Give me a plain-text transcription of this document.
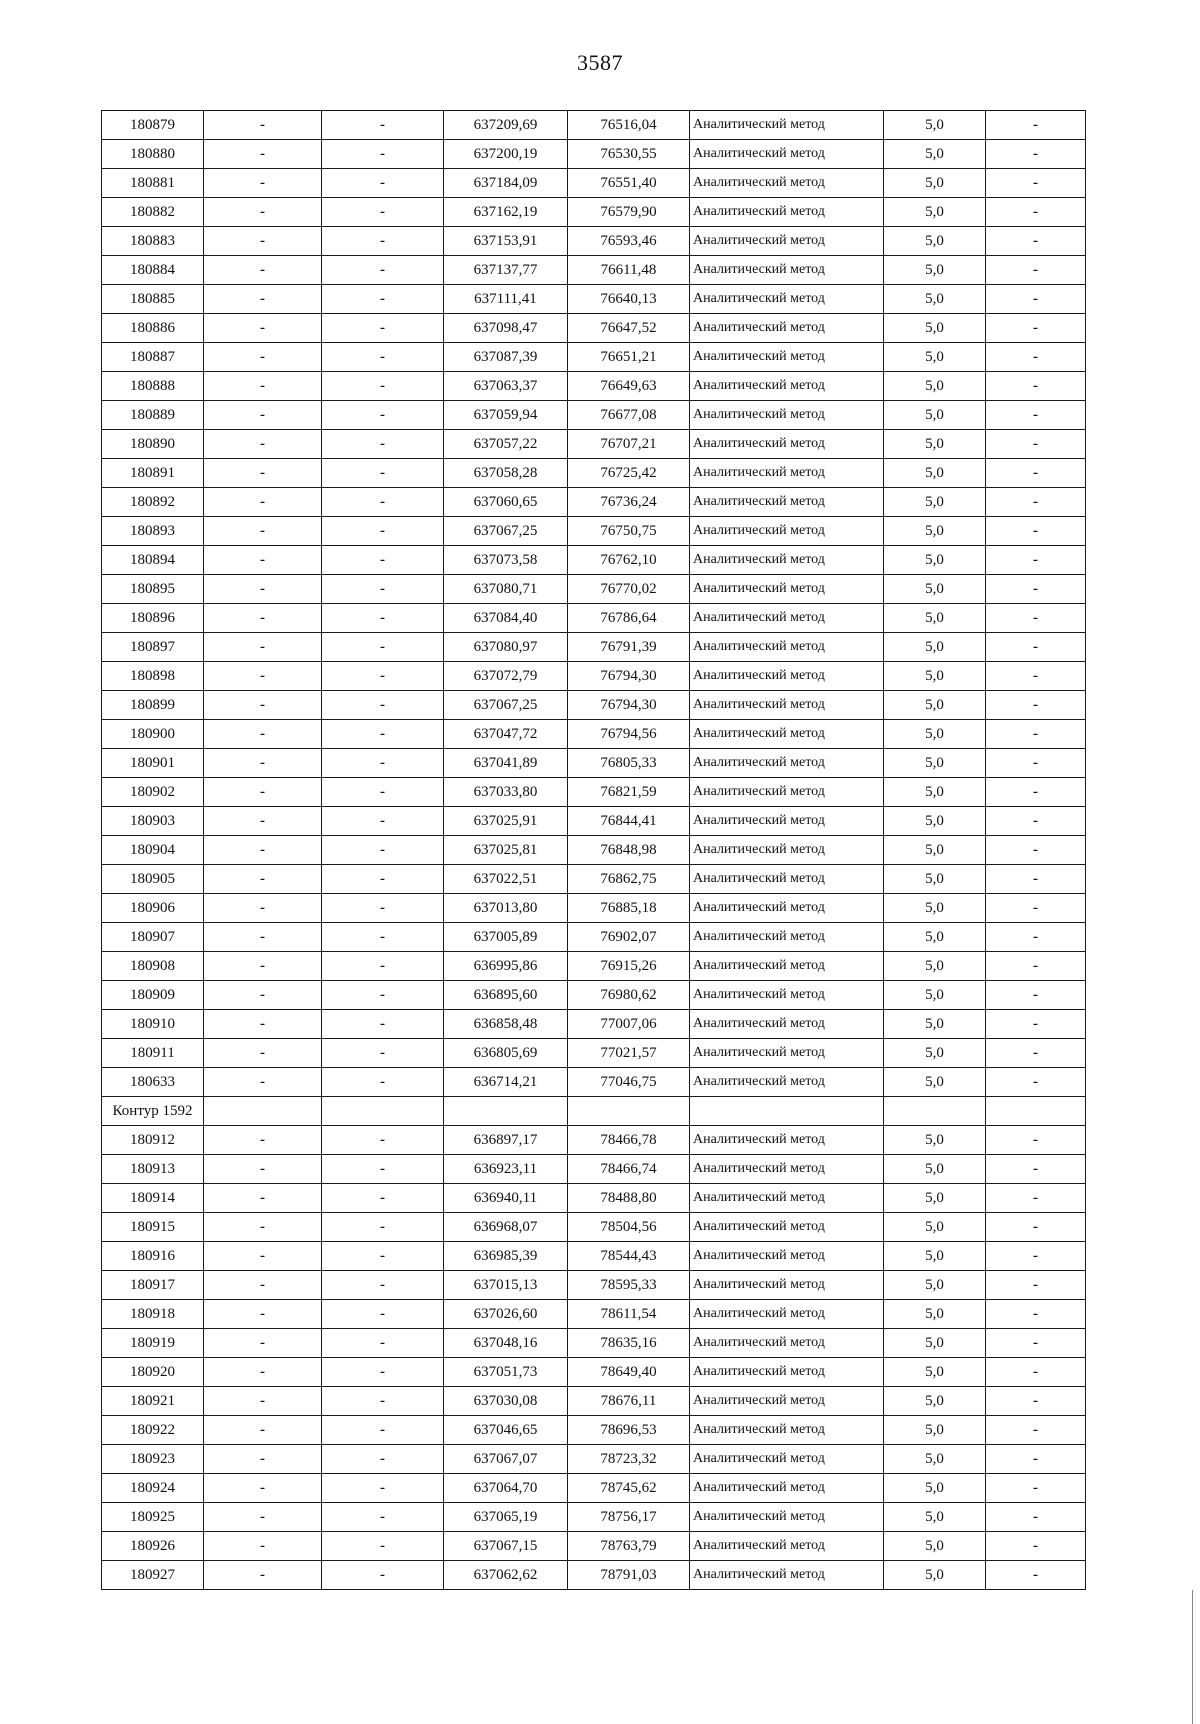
3587
180879	-	-	637209,69	76516,04	Аналитический метод	5,0	-
180880	-	-	637200,19	76530,55	Аналитический метод	5,0	-
180881	-	-	637184,09	76551,40	Аналитический метод	5,0	-
180882	-	-	637162,19	76579,90	Аналитический метод	5,0	-
180883	-	-	637153,91	76593,46	Аналитический метод	5,0	-
180884	-	-	637137,77	76611,48	Аналитический метод	5,0	-
180885	-	-	637111,41	76640,13	Аналитический метод	5,0	-
180886	-	-	637098,47	76647,52	Аналитический метод	5,0	-
180887	-	-	637087,39	76651,21	Аналитический метод	5,0	-
180888	-	-	637063,37	76649,63	Аналитический метод	5,0	-
180889	-	-	637059,94	76677,08	Аналитический метод	5,0	-
180890	-	-	637057,22	76707,21	Аналитический метод	5,0	-
180891	-	-	637058,28	76725,42	Аналитический метод	5,0	-
180892	-	-	637060,65	76736,24	Аналитический метод	5,0	-
180893	-	-	637067,25	76750,75	Аналитический метод	5,0	-
180894	-	-	637073,58	76762,10	Аналитический метод	5,0	-
180895	-	-	637080,71	76770,02	Аналитический метод	5,0	-
180896	-	-	637084,40	76786,64	Аналитический метод	5,0	-
180897	-	-	637080,97	76791,39	Аналитический метод	5,0	-
180898	-	-	637072,79	76794,30	Аналитический метод	5,0	-
180899	-	-	637067,25	76794,30	Аналитический метод	5,0	-
180900	-	-	637047,72	76794,56	Аналитический метод	5,0	-
180901	-	-	637041,89	76805,33	Аналитический метод	5,0	-
180902	-	-	637033,80	76821,59	Аналитический метод	5,0	-
180903	-	-	637025,91	76844,41	Аналитический метод	5,0	-
180904	-	-	637025,81	76848,98	Аналитический метод	5,0	-
180905	-	-	637022,51	76862,75	Аналитический метод	5,0	-
180906	-	-	637013,80	76885,18	Аналитический метод	5,0	-
180907	-	-	637005,89	76902,07	Аналитический метод	5,0	-
180908	-	-	636995,86	76915,26	Аналитический метод	5,0	-
180909	-	-	636895,60	76980,62	Аналитический метод	5,0	-
180910	-	-	636858,48	77007,06	Аналитический метод	5,0	-
180911	-	-	636805,69	77021,57	Аналитический метод	5,0	-
180633	-	-	636714,21	77046,75	Аналитический метод	5,0	-
Контур 1592							
180912	-	-	636897,17	78466,78	Аналитический метод	5,0	-
180913	-	-	636923,11	78466,74	Аналитический метод	5,0	-
180914	-	-	636940,11	78488,80	Аналитический метод	5,0	-
180915	-	-	636968,07	78504,56	Аналитический метод	5,0	-
180916	-	-	636985,39	78544,43	Аналитический метод	5,0	-
180917	-	-	637015,13	78595,33	Аналитический метод	5,0	-
180918	-	-	637026,60	78611,54	Аналитический метод	5,0	-
180919	-	-	637048,16	78635,16	Аналитический метод	5,0	-
180920	-	-	637051,73	78649,40	Аналитический метод	5,0	-
180921	-	-	637030,08	78676,11	Аналитический метод	5,0	-
180922	-	-	637046,65	78696,53	Аналитический метод	5,0	-
180923	-	-	637067,07	78723,32	Аналитический метод	5,0	-
180924	-	-	637064,70	78745,62	Аналитический метод	5,0	-
180925	-	-	637065,19	78756,17	Аналитический метод	5,0	-
180926	-	-	637067,15	78763,79	Аналитический метод	5,0	-
180927	-	-	637062,62	78791,03	Аналитический метод	5,0	-
